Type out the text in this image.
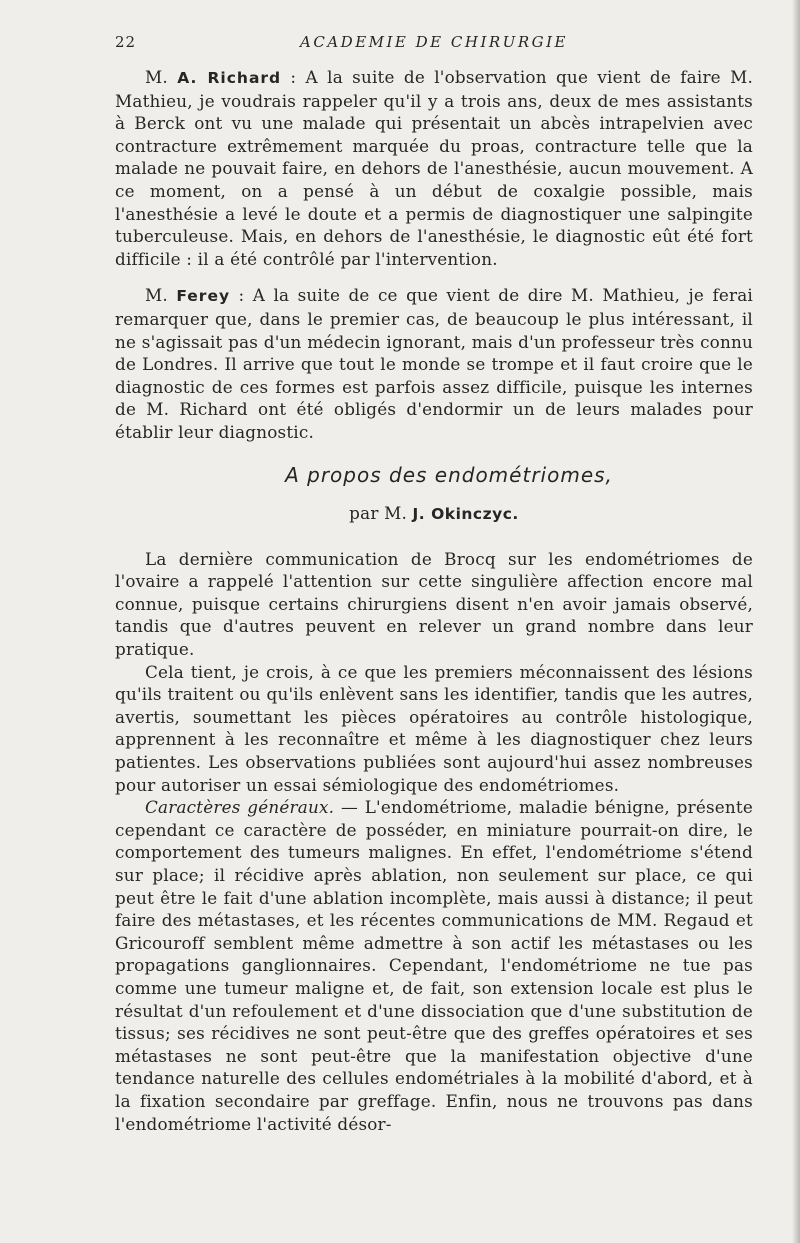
22	ACADEMIE DE CHIRURGIE

M. A. Richard : A la suite de l'observation que vient de faire M. Mathieu, je voudrais rappeler qu'il y a trois ans, deux de mes assistants à Berck ont vu une malade qui présentait un abcès intrapelvien avec contracture extrêmement marquée du proas, contracture telle que la malade ne pouvait faire, en dehors de l'anesthésie, aucun mouvement. A ce moment, on a pensé à un début de coxalgie possible, mais l'anesthésie a levé le doute et a permis de diagnostiquer une salpingite tuberculeuse. Mais, en dehors de l'anesthésie, le diagnostic eût été fort difficile : il a été contrôlé par l'intervention.

M. Ferey : A la suite de ce que vient de dire M. Mathieu, je ferai remarquer que, dans le premier cas, de beaucoup le plus intéressant, il ne s'agissait pas d'un médecin ignorant, mais d'un professeur très connu de Londres. Il arrive que tout le monde se trompe et il faut croire que le diagnostic de ces formes est parfois assez difficile, puisque les internes de M. Richard ont été obligés d'endormir un de leurs malades pour établir leur diagnostic.

A propos des endométriomes,

par M. J. Okinczyc.

La dernière communication de Brocq sur les endométriomes de l'ovaire a rappelé l'attention sur cette singulière affection encore mal connue, puisque certains chirurgiens disent n'en avoir jamais observé, tandis que d'autres peuvent en relever un grand nombre dans leur pratique.

Cela tient, je crois, à ce que les premiers méconnaissent des lésions qu'ils traitent ou qu'ils enlèvent sans les identifier, tandis que les autres, avertis, soumettant les pièces opératoires au contrôle histologique, apprennent à les reconnaître et même à les diagnostiquer chez leurs patientes. Les observations publiées sont aujourd'hui assez nombreuses pour autoriser un essai sémiologique des endométriomes.

Caractères généraux. — L'endométriome, maladie bénigne, présente cependant ce caractère de posséder, en miniature pourrait-on dire, le comportement des tumeurs malignes. En effet, l'endométriome s'étend sur place; il récidive après ablation, non seulement sur place, ce qui peut être le fait d'une ablation incomplète, mais aussi à distance; il peut faire des métastases, et les récentes communications de MM. Regaud et Gricouroff semblent même admettre à son actif les métastases ou les propagations ganglionnaires. Cependant, l'endométriome ne tue pas comme une tumeur maligne et, de fait, son extension locale est plus le résultat d'un refoulement et d'une dissociation que d'une substitution de tissus; ses récidives ne sont peut-être que des greffes opératoires et ses métastases ne sont peut-être que la manifestation objective d'une tendance naturelle des cellules endométriales à la mobilité d'abord, et à la fixation secondaire par greffage. Enfin, nous ne trouvons pas dans l'endométriome l'activité désor-
